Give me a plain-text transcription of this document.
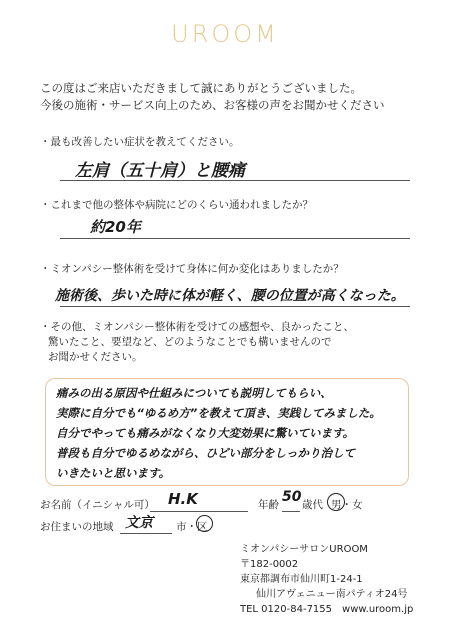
UROOM
この度はご来店いただきまして誠にありがとうございました。
今後の施術・サービス向上のため、お客様の声をお聞かせください
・最も改善したい症状を教えてください。
左肩（五十肩）と腰痛
・これまで他の整体や病院にどのくらい通われましたか？
約20年
・ミオンパシー整体術を受けて身体に何か変化はありましたか？
施術後、歩いた時に体が軽く、腰の位置が高くなった。
・その他、ミオンパシー整体術を受けての感想や、良かったこと、
驚いたこと、要望など、どのようなことでも構いませんので
お聞かせください。
痛みの出る原因や仕組みについても説明してもらい、
実際に自分でも“ゆるめ方”を教えて頂き、実践してみました。
自分でやっても痛みがなくなり大変効果に驚いています。
普段も自分でゆるめながら、ひどい部分をしっかり治して
いきたいと思います。
お名前（イニシャル可） H.K	年齢 50 歳代 男・女
お住まいの地域 文京 市・区
ミオンパシーサロンUROOM
〒182-0002
東京都調布市仙川町1-24-1
仙川アヴェニュー南パティオ24号
TEL 0120-84-7155　www.uroom.jp
